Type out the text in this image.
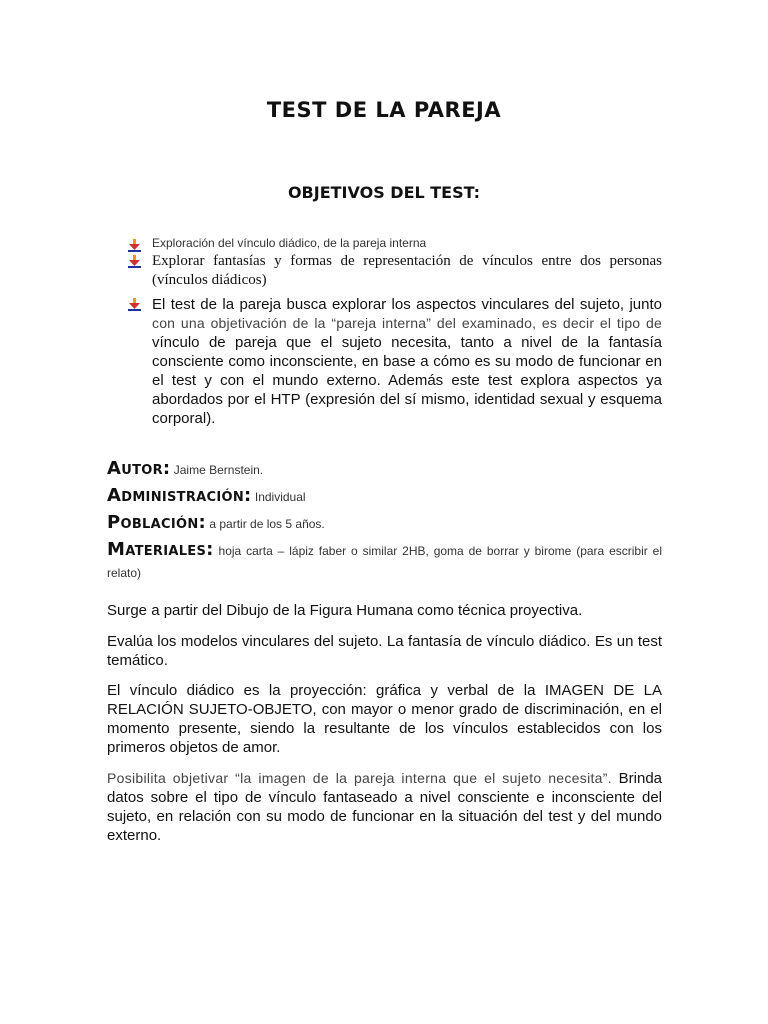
TEST DE LA PAREJA
OBJETIVOS DEL TEST:

Exploración del vínculo diádico, de la pareja interna

Explorar fantasías y formas de representación de vínculos entre dos personas (vínculos diádicos)

El test de la pareja busca explorar los aspectos vinculares del sujeto, junto con una objetivación de la “pareja interna” del examinado, es decir el tipo de vínculo de pareja que el sujeto necesita, tanto a nivel de la fantasía consciente como inconsciente, en base a cómo es su modo de funcionar en el test y con el mundo externo. Además este test explora aspectos ya abordados por el HTP (expresión del sí mismo, identidad sexual y esquema corporal).

Autor: Jaime Bernstein.

Administración: Individual

Población: a partir de los 5 años.

Materiales: hoja carta – lápiz faber o similar 2HB, goma de borrar y birome (para escribir el relato)

Surge a partir del Dibujo de la Figura Humana como técnica proyectiva.

Evalúa los modelos vinculares del sujeto. La fantasía de vínculo diádico. Es un test temático.

El vínculo diádico es la proyección: gráfica y verbal de la IMAGEN DE LA RELACIÓN SUJETO-OBJETO, con mayor o menor grado de discriminación, en el momento presente, siendo la resultante de los vínculos establecidos con los primeros objetos de amor.

Posibilita objetivar “la imagen de la pareja interna que el sujeto necesita”. Brinda datos sobre el tipo de vínculo fantaseado a nivel consciente e inconsciente del sujeto, en relación con su modo de funcionar en la situación del test y del mundo externo.
